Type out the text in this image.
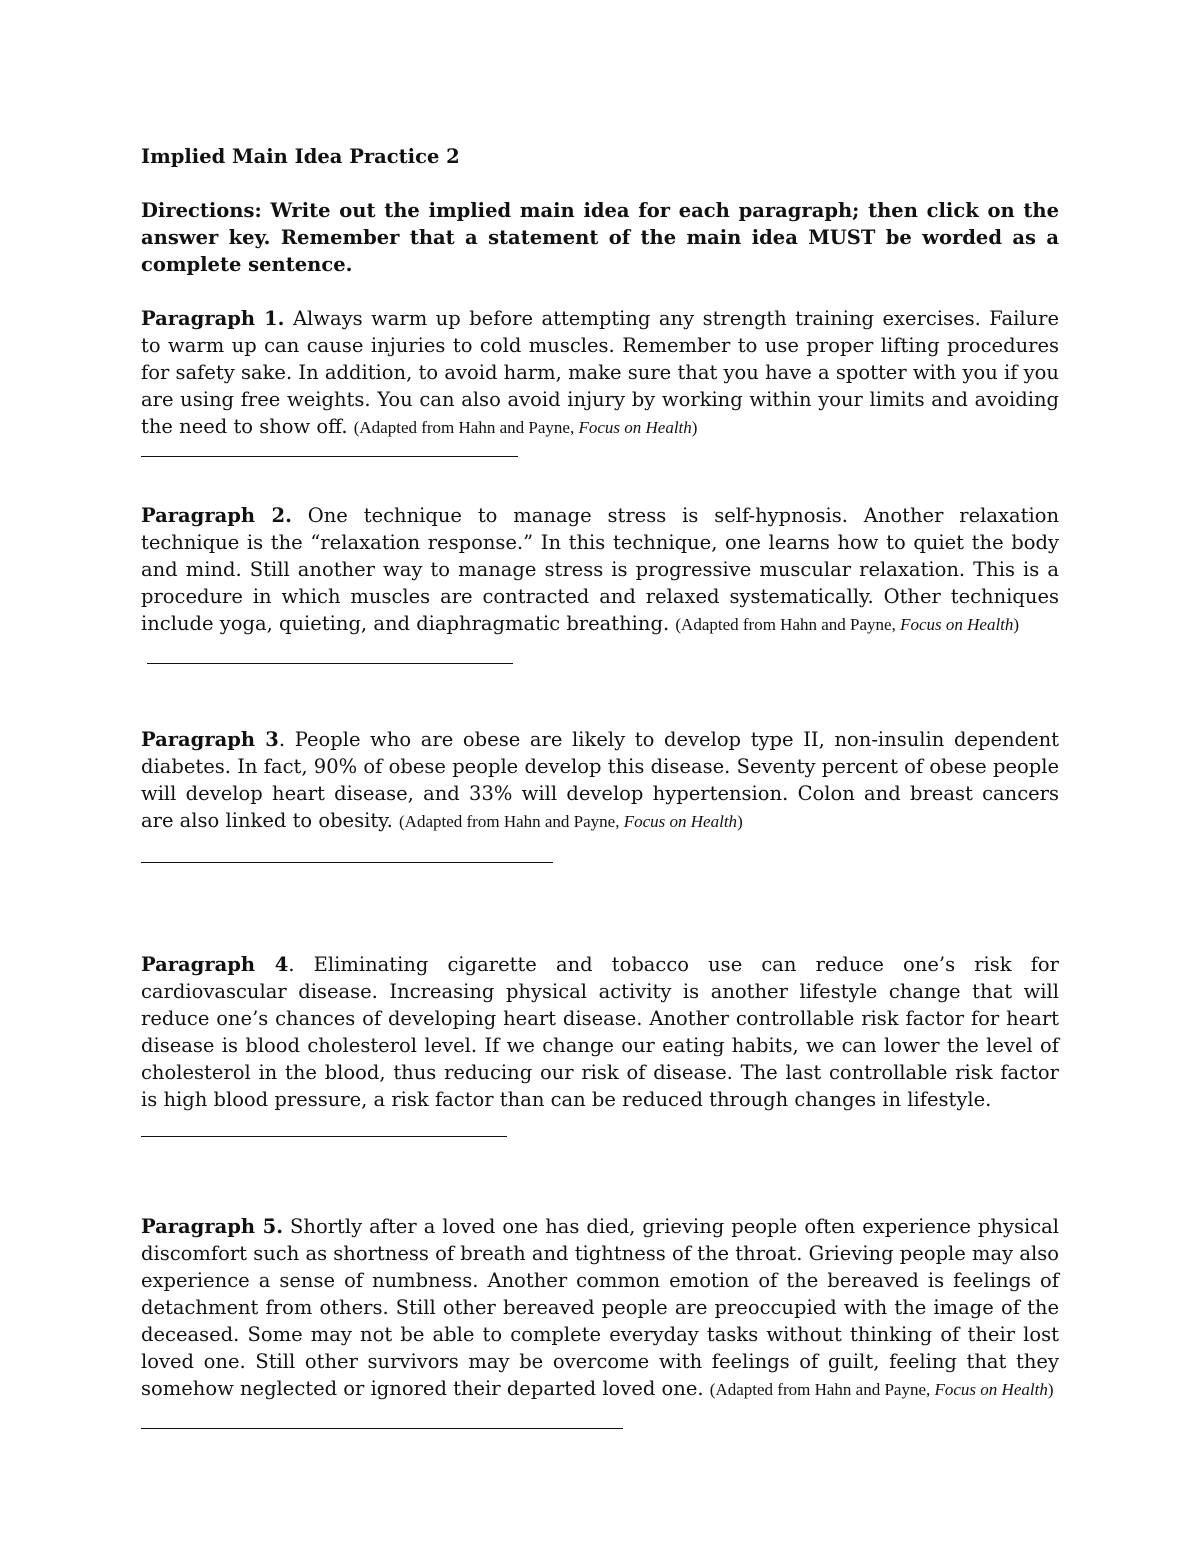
Implied Main Idea Practice 2

Directions: Write out the implied main idea for each paragraph; then click on the answer key. Remember that a statement of the main idea MUST be worded as a complete sentence.

Paragraph 1. Always warm up before attempting any strength training exercises. Failure to warm up can cause injuries to cold muscles. Remember to use proper lifting procedures for safety sake. In addition, to avoid harm, make sure that you have a spotter with you if you are using free weights. You can also avoid injury by working within your limits and avoiding the need to show off. (Adapted from Hahn and Payne, Focus on Health)

Paragraph 2. One technique to manage stress is self-hypnosis. Another relaxation technique is the “relaxation response.” In this technique, one learns how to quiet the body and mind. Still another way to manage stress is progressive muscular relaxation. This is a procedure in which muscles are contracted and relaxed systematically. Other techniques include yoga, quieting, and diaphragmatic breathing. (Adapted from Hahn and Payne, Focus on Health)

Paragraph 3. People who are obese are likely to develop type II, non-insulin dependent diabetes. In fact, 90% of obese people develop this disease. Seventy percent of obese people will develop heart disease, and 33% will develop hypertension. Colon and breast cancers are also linked to obesity. (Adapted from Hahn and Payne, Focus on Health)

Paragraph 4. Eliminating cigarette and tobacco use can reduce one’s risk for cardiovascular disease. Increasing physical activity is another lifestyle change that will reduce one’s chances of developing heart disease. Another controllable risk factor for heart disease is blood cholesterol level. If we change our eating habits, we can lower the level of cholesterol in the blood, thus reducing our risk of disease. The last controllable risk factor is high blood pressure, a risk factor than can be reduced through changes in lifestyle.

Paragraph 5. Shortly after a loved one has died, grieving people often experience physical discomfort such as shortness of breath and tightness of the throat. Grieving people may also experience a sense of numbness. Another common emotion of the bereaved is feelings of detachment from others. Still other bereaved people are preoccupied with the image of the deceased. Some may not be able to complete everyday tasks without thinking of their lost loved one. Still other survivors may be overcome with feelings of guilt, feeling that they somehow neglected or ignored their departed loved one. (Adapted from Hahn and Payne, Focus on Health)
